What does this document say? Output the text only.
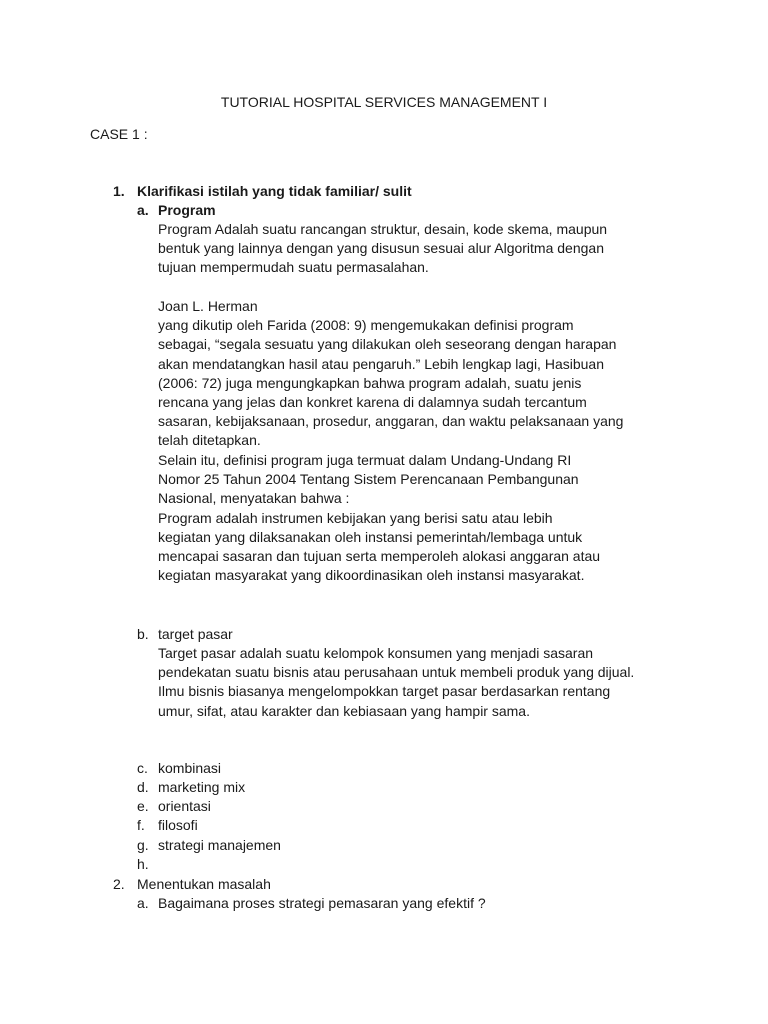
TUTORIAL HOSPITAL SERVICES MANAGEMENT I
CASE 1 :
1. Klarifikasi istilah yang tidak familiar/ sulit
a. Program
Program Adalah suatu rancangan struktur, desain, kode skema, maupun
bentuk yang lainnya dengan yang disusun sesuai alur Algoritma dengan
tujuan mempermudah suatu permasalahan.
Joan L. Herman
yang dikutip oleh Farida (2008: 9) mengemukakan definisi program
sebagai, “segala sesuatu yang dilakukan oleh seseorang dengan harapan
akan mendatangkan hasil atau pengaruh.” Lebih lengkap lagi, Hasibuan
(2006: 72) juga mengungkapkan bahwa program adalah, suatu jenis
rencana yang jelas dan konkret karena di dalamnya sudah tercantum
sasaran, kebijaksanaan, prosedur, anggaran, dan waktu pelaksanaan yang
telah ditetapkan.
Selain itu, definisi program juga termuat dalam Undang-Undang RI
Nomor 25 Tahun 2004 Tentang Sistem Perencanaan Pembangunan
Nasional, menyatakan bahwa :
Program adalah instrumen kebijakan yang berisi satu atau lebih
kegiatan yang dilaksanakan oleh instansi pemerintah/lembaga untuk
mencapai sasaran dan tujuan serta memperoleh alokasi anggaran atau
kegiatan masyarakat yang dikoordinasikan oleh instansi masyarakat.
b. target pasar
Target pasar adalah suatu kelompok konsumen yang menjadi sasaran
pendekatan suatu bisnis atau perusahaan untuk membeli produk yang dijual.
Ilmu bisnis biasanya mengelompokkan target pasar berdasarkan rentang
umur, sifat, atau karakter dan kebiasaan yang hampir sama.
c. kombinasi
d. marketing mix
e. orientasi
f. filosofi
g. strategi manajemen
h.
2. Menentukan masalah
a. Bagaimana proses strategi pemasaran yang efektif ?
